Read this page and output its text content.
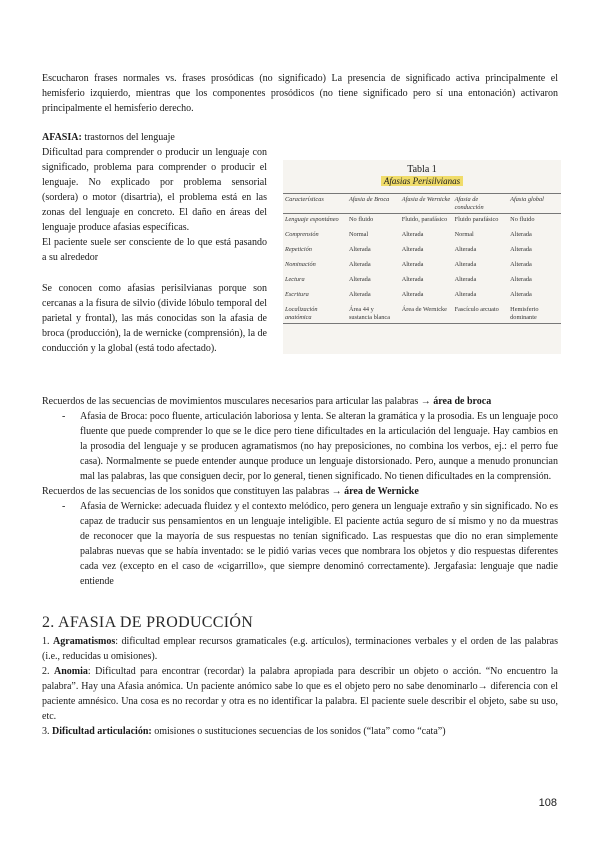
Escucharon frases normales vs. frases prosódicas (no significado) La presencia de significado activa principalmente el hemisferio izquierdo, mientras que los componentes prosódicos (no tiene significado pero sí una entonación) activaron principalmente el hemisferio derecho.

AFASIA: trastornos del lenguaje

Dificultad para comprender o producir un lenguaje con significado, problema para comprender o producir el lenguaje. No explicado por problema sensorial (sordera) o motor (disartria), el problema está en las zonas del lenguaje en concreto. El daño en áreas del lenguaje produce afasias específicas.

El paciente suele ser consciente de lo que está pasando a su alrededor

Se conocen como afasias perisilvianas porque son cercanas a la fisura de silvio (divide lóbulo temporal del parietal y frontal), las más conocidas son la afasia de broca (producción), la de wernicke (comprensión), la de conducción y la global (está todo afectado).

Tabla 1
Afasias Perisilvianas
Características	Afasia de Broca	Afasia de Wernicke	Afasia de conducción	Afasia global
Lenguaje espontáneo	No fluido	Fluido, parafásico	Fluido parafásico	No fluido
Comprensión	Normal	Alterada	Normal	Alterada
Repetición	Alterada	Alterada	Alterada	Alterada
Nominación	Alterada	Alterada	Alterada	Alterada
Lectura	Alterada	Alterada	Alterada	Alterada
Escritura	Alterada	Alterada	Alterada	Alterada
Localización anatómica	Área 44 y sustancia blanca	Área de Wernicke	Fascículo arcuato	Hemisferio dominante

Recuerdos de las secuencias de movimientos musculares necesarios para articular las palabras → área de broca

- Afasia de Broca: poco fluente, articulación laboriosa y lenta. Se alteran la gramática y la prosodia. Es un lenguaje poco fluente que puede comprender lo que se le dice pero tiene dificultades en la articulación del lenguaje. Hay cambios en la prosodia del lenguaje y se producen agramatismos (no hay preposiciones, no combina los verbos, ej.: el perro fue casa). Normalmente se puede entender aunque produce un lenguaje distorsionado. Pero, aunque a menudo pronuncian mal las palabras, las que consiguen decir, por lo general, tienen significado. No tienen dificultades en la comprensión.

Recuerdos de las secuencias de los sonidos que constituyen las palabras → área de Wernicke

- Afasia de Wernicke: adecuada fluidez y el contexto melódico, pero genera un lenguaje extraño y sin significado. No es capaz de traducir sus pensamientos en un lenguaje inteligible. El paciente actúa seguro de sí mismo y no da muestras de reconocer que la mayoría de sus respuestas no tenían significado. Las respuestas que dio no eran simplemente palabras nuevas que se había inventado: se le pidió varias veces que nombrara los objetos y dio respuestas diferentes cada vez (excepto en el caso de «cigarrillo», que siempre denominó correctamente). Jergafasia: lenguaje que nadie entiende

2. AFASIA DE PRODUCCIÓN

1. Agramatismos: dificultad emplear recursos gramaticales (e.g. artículos), terminaciones verbales y el orden de las palabras (i.e., reducidas u omisiones).

2. Anomia: Dificultad para encontrar (recordar) la palabra apropiada para describir un objeto o acción. “No encuentro la palabra”. Hay una Afasia anómica. Un paciente anómico sabe lo que es el objeto pero no sabe denominarlo→ diferencia con el paciente amnésico. Una cosa es no recordar y otra es no identificar la palabra. El paciente suele describir el objeto, sabe su uso, etc.

3. Dificultad articulación: omisiones o sustituciones secuencias de los sonidos (“lata” como “cata”)

108
